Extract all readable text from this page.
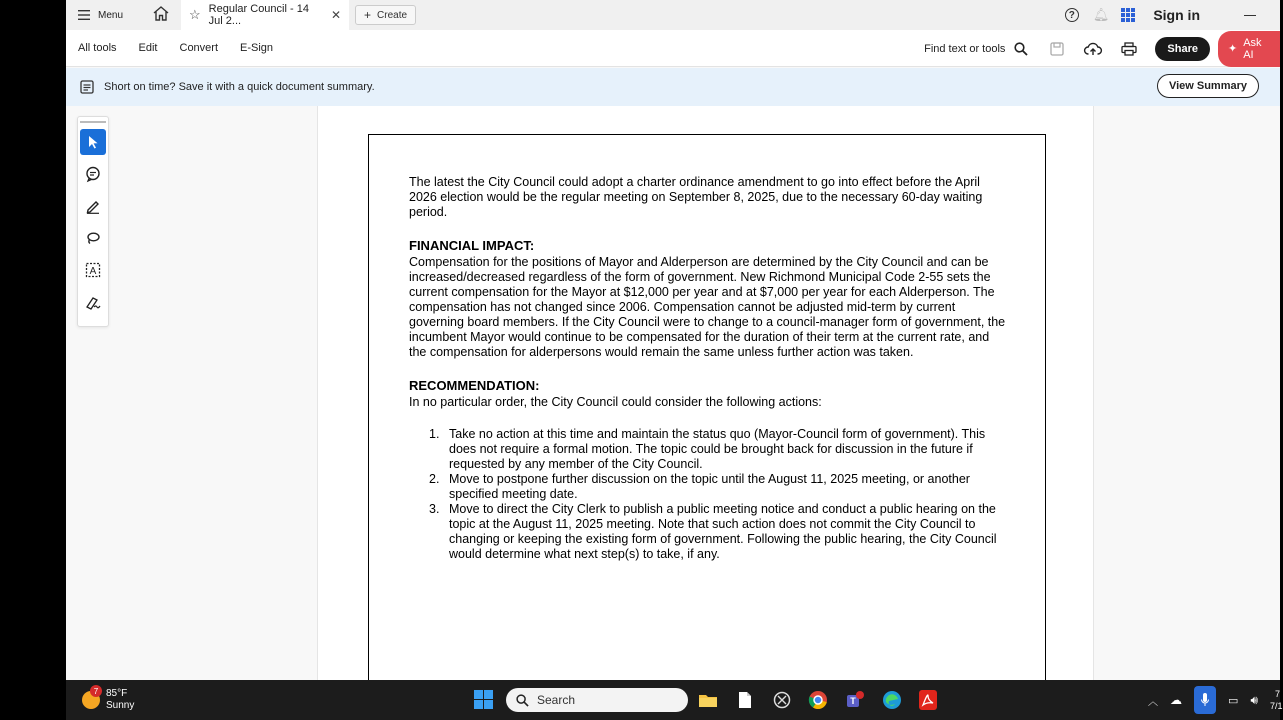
Menu	☆ Regular Council - 14 Jul 2...	✕ + Create	?	🔔︎	Sign in
All tools Edit Convert E-Sign	Find text or tools	Share	✦
Ask AI
Short on time? Save it with a quick document summary.	View Summary
A
The latest the City Council could adopt a charter ordinance amendment to go into effect before the April 2026 election would be the regular meeting on September 8, 2025, due to the necessary 60-day waiting period.
FINANCIAL IMPACT:
Compensation for the positions of Mayor and Alderperson are determined by the City Council and can be increased/decreased regardless of the form of government. New Richmond Municipal Code 2-55 sets the current compensation for the Mayor at $12,000 per year and at $7,000 per year for each Alderperson. The compensation has not changed since 2006. Compensation cannot be adjusted mid-term by current governing board members. If the City Council were to change to a council-manager form of government, the incumbent Mayor would continue to be compensated for the duration of their term at the current rate, and the compensation for alderpersons would remain the same unless further action was taken.
RECOMMENDATION:
In no particular order, the City Council could consider the following actions:
1. Take no action at this time and maintain the status quo (Mayor-Council form of government). This does not require a formal motion. The topic could be brought back for discussion in the future if requested by any member of the City Council.
2. Move to postpone further discussion on the topic until the August 11, 2025 meeting, or another specified meeting date.
3. Move to direct the City Clerk to publish a public meeting notice and conduct a public hearing on the topic at the August 11, 2025 meeting. Note that such action does not commit the City Council to changing or keeping the existing form of government. Following the public hearing, the City Council would determine what next step(s) to take, if any.
7 85°F
Sunny	Search	T	︿ ☁	▭ 🔊︎	7
7/1
